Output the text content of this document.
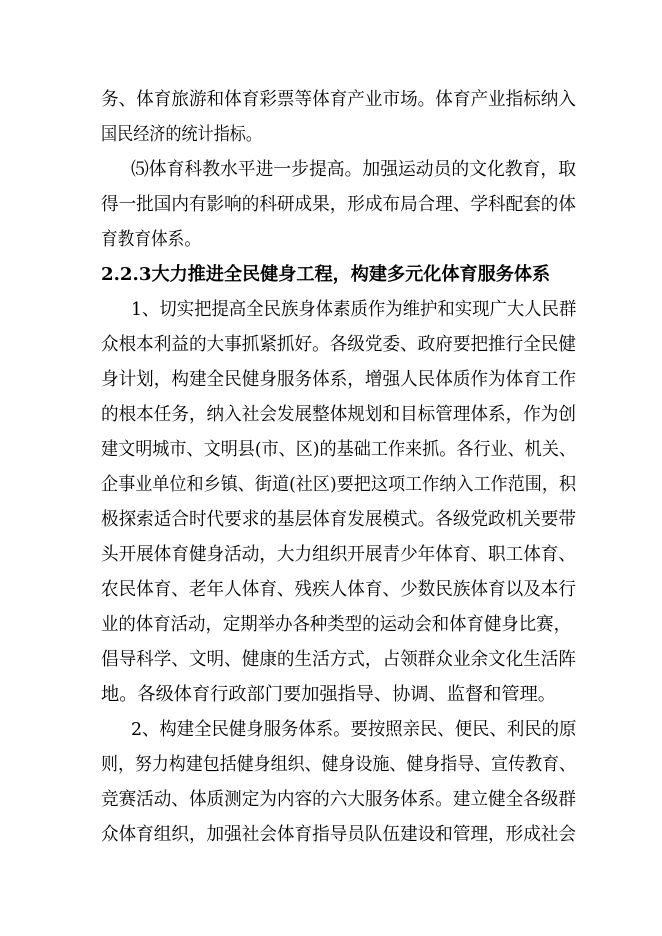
务、体育旅游和体育彩票等体育产业市场。体育产业指标纳入
国民经济的统计指标。
⑸体育科教水平进一步提高。加强运动员的文化教育，取
得一批国内有影响的科研成果，形成布局合理、学科配套的体
育教育体系。
2.2.3大力推进全民健身工程，构建多元化体育服务体系
1、切实把提高全民族身体素质作为维护和实现广大人民群
众根本利益的大事抓紧抓好。各级党委、政府要把推行全民健
身计划，构建全民健身服务体系，增强人民体质作为体育工作
的根本任务，纳入社会发展整体规划和目标管理体系，作为创
建文明城市、文明县(市、区)的基础工作来抓。各行业、机关、
企事业单位和乡镇、街道(社区)要把这项工作纳入工作范围，积
极探索适合时代要求的基层体育发展模式。各级党政机关要带
头开展体育健身活动，大力组织开展青少年体育、职工体育、
农民体育、老年人体育、残疾人体育、少数民族体育以及本行
业的体育活动，定期举办各种类型的运动会和体育健身比赛，
倡导科学、文明、健康的生活方式，占领群众业余文化生活阵
地。各级体育行政部门要加强指导、协调、监督和管理。
2、构建全民健身服务体系。要按照亲民、便民、利民的原
则，努力构建包括健身组织、健身设施、健身指导、宣传教育、
竞赛活动、体质测定为内容的六大服务体系。建立健全各级群
众体育组织，加强社会体育指导员队伍建设和管理，形成社会
